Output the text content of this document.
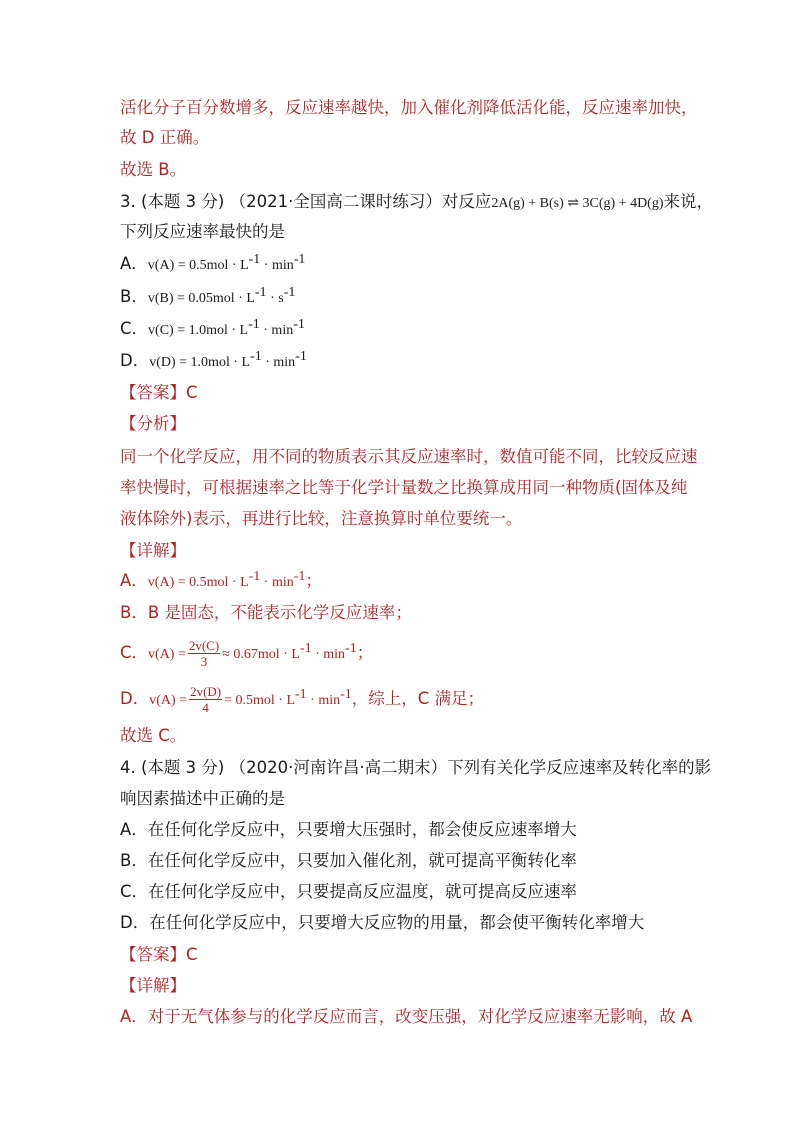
活化分子百分数增多，反应速率越快，加入催化剂降低活化能，反应速率加快，
故 D 正确。
故选 B。
3. (本题 3 分) （2021·全国高二课时练习）对反应2A(g) + B(s) ⇌ 3C(g) + 4D(g)来说，
下列反应速率最快的是
A．$v(A) = 0.5mol \cdot L^{-1} \cdot \min^{-1}$
B．$v(B) = 0.05mol \cdot L^{-1} \cdot s^{-1}$
C．$v(C) = 1.0mol \cdot L^{-1} \cdot \min^{-1}$
D．$v(D) = 1.0mol \cdot L^{-1} \cdot \min^{-1}$
【答案】C
【分析】
同一个化学反应，用不同的物质表示其反应速率时，数值可能不同，比较反应速
率快慢时，可根据速率之比等于化学计量数之比换算成用同一种物质(固体及纯
液体除外)表示，再进行比较，注意换算时单位要统一。
【详解】
A．$v(A) = 0.5mol \cdot L^{-1} \cdot \min^{-1}$；
B．B 是固态，不能表示化学反应速率；
C．$v(A) = \frac{2v(C)}{3} \approx 0.67mol \cdot L^{-1} \cdot \min^{-1}$；
D．$v(A) = \frac{2v(D)}{4} = 0.5mol \cdot L^{-1} \cdot \min^{-1}$，综上，C 满足；
故选 C。
4. (本题 3 分) （2020·河南许昌·高二期末）下列有关化学反应速率及转化率的影
响因素描述中正确的是
A．在任何化学反应中，只要增大压强时，都会使反应速率增大
B．在任何化学反应中，只要加入催化剂，就可提高平衡转化率
C．在任何化学反应中，只要提高反应温度，就可提高反应速率
D．在任何化学反应中，只要增大反应物的用量，都会使平衡转化率增大
【答案】C
【详解】
A．对于无气体参与的化学反应而言，改变压强，对化学反应速率无影响，故 A
